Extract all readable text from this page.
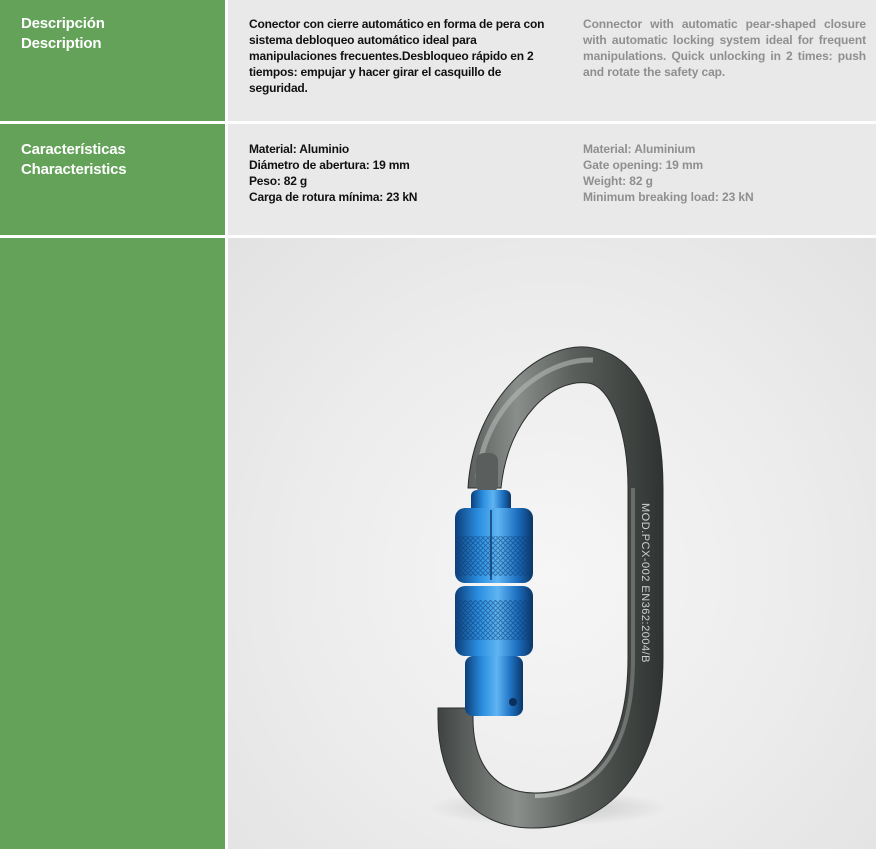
Descripción
Description
Conector con cierre automático en forma de pera con sistema debloqueo automático ideal para manipulaciones frecuentes.Desbloqueo rápido en 2 tiempos: empujar y hacer girar el casquillo de seguridad.
Connector with automatic pear-shaped closure with automatic locking system ideal for frequent manipulations. Quick unlocking in 2 times: push and rotate the safety cap.
Características
Characteristics
Material: Aluminio
Diámetro de abertura: 19 mm
Peso: 82 g
Carga de rotura mínima: 23 kN
Material: Aluminium
Gate opening: 19 mm
Weight: 82 g
Minimum breaking load: 23 kN
MOD.PCX-002 EN362:2004/B
